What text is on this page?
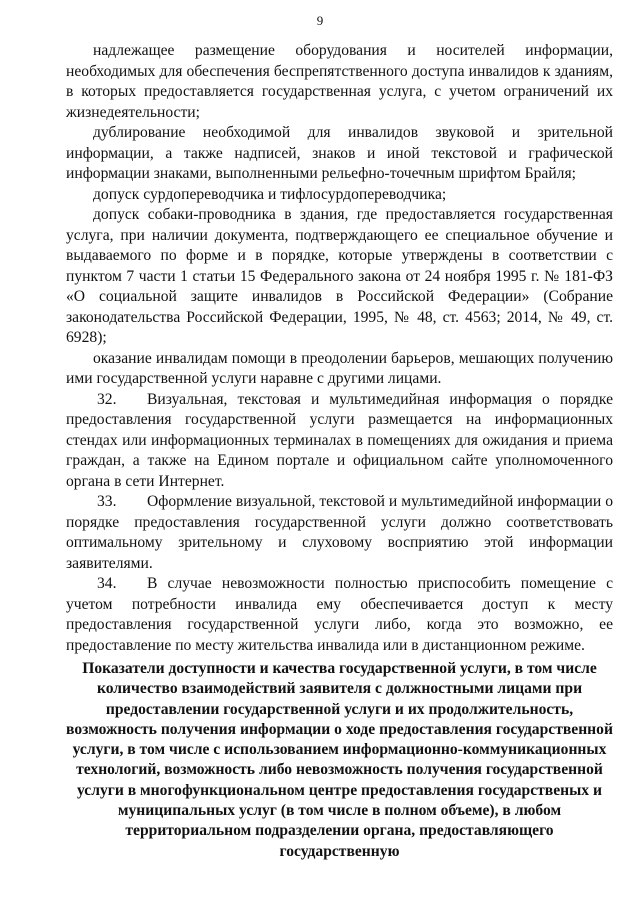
9

надлежащее размещение оборудования и носителей информации, необходимых для обеспечения беспрепятственного доступа инвалидов к зданиям, в которых предоставляется государственная услуга, с учетом ограничений их жизнедеятельности;

дублирование необходимой для инвалидов звуковой и зрительной информации, а также надписей, знаков и иной текстовой и графической информации знаками, выполненными рельефно-точечным шрифтом Брайля;

допуск сурдопереводчика и тифлосурдопереводчика;

допуск собаки-проводника в здания, где предоставляется государственная услуга, при наличии документа, подтверждающего ее специальное обучение и выдаваемого по форме и в порядке, которые утверждены в соответствии с пунктом 7 части 1 статьи 15 Федерального закона от 24 ноября 1995 г. № 181-ФЗ «О социальной защите инвалидов в Российской Федерации» (Собрание законодательства Российской Федерации, 1995, № 48, ст. 4563; 2014, № 49, ст. 6928);

оказание инвалидам помощи в преодолении барьеров, мешающих получению ими государственной услуги наравне с другими лицами.

32. Визуальная, текстовая и мультимедийная информация о порядке предоставления государственной услуги размещается на информационных стендах или информационных терминалах в помещениях для ожидания и приема граждан, а также на Едином портале и официальном сайте уполномоченного органа в сети Интернет.

33. Оформление визуальной, текстовой и мультимедийной информации о порядке предоставления государственной услуги должно соответствовать оптимальному зрительному и слуховому восприятию этой информации заявителями.

34. В случае невозможности полностью приспособить помещение с учетом потребности инвалида ему обеспечивается доступ к месту предоставления государственной услуги либо, когда это возможно, ее предоставление по месту жительства инвалида или в дистанционном режиме.

Показатели доступности и качества государственной услуги, в том числе количество взаимодействий заявителя с должностными лицами при предоставлении государственной услуги и их продолжительность, возможность получения информации о ходе предоставления государственной услуги, в том числе с использованием информационно-коммуникационных технологий, возможность либо невозможность получения государственной услуги в многофункциональном центре предоставления государственых и муниципальных услуг (в том числе в полном объеме), в любом территориальном подразделении органа, предоставляющего государственную
